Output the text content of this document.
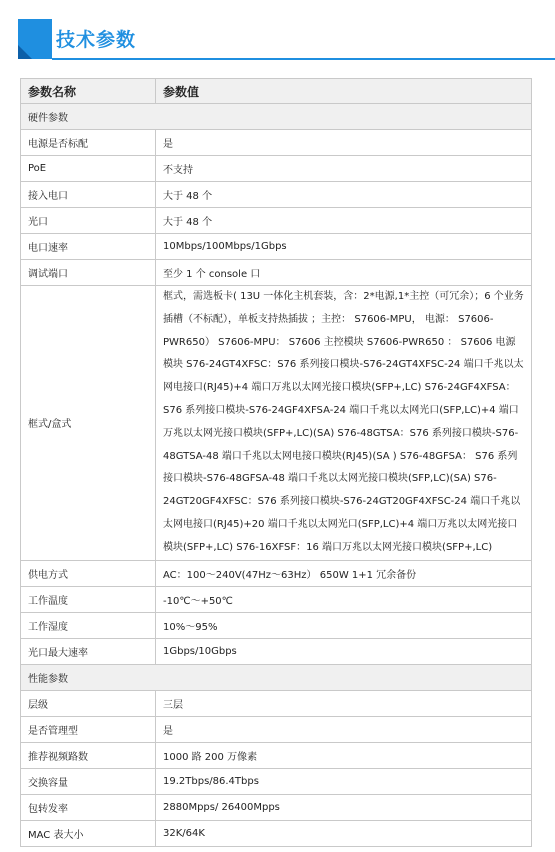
技术参数
参数名称	参数值
硬件参数	
电源是否标配	是
PoE	不支持
接入电口	大于 48 个
光口	大于 48 个
电口速率	10Mbps/100Mbps/1Gbps
调试端口	至少 1 个 console 口
框式/盒式	框式，需选板卡( 13U 一体化主机套装，含：2*电源,1*主控（可冗余）；6 个业务插槽（不标配），单板支持热插拔 ；主控： S7606-MPU， 电源： S7606-PWR650） S7606-MPU： S7606 主控模块 S7606-PWR650 ： S7606 电源模块 S76-24GT4XFSC：S76 系列接口模块-S76-24GT4XFSC-24 端口千兆以太网电接口(RJ45)+4 端口万兆以太网光接口模块(SFP+,LC) S76-24GF4XFSA：S76 系列接口模块-S76-24GF4XFSA-24 端口千兆以太网光口(SFP,LC)+4 端口万兆以太网光接口模块(SFP+,LC)(SA) S76-48GTSA：S76 系列接口模块-S76-48GTSA-48 端口千兆以太网电接口模块(RJ45)(SA ) S76-48GFSA： S76 系列接口模块-S76-48GFSA-48 端口千兆以太网光接口模块(SFP,LC)(SA) S76-24GT20GF4XFSC：S76 系列接口模块-S76-24GT20GF4XFSC-24 端口千兆以太网电接口(RJ45)+20 端口千兆以太网光口(SFP,LC)+4 端口万兆以太网光接口模块(SFP+,LC) S76-16XFSF：16 端口万兆以太网光接口模块(SFP+,LC)
供电方式	AC：100～240V(47Hz～63Hz） 650W 1+1 冗余备份
工作温度	-10℃～+50℃
工作湿度	10%～95%
光口最大速率	1Gbps/10Gbps
性能参数	
层级	三层
是否管理型	是
推荐视频路数	1000 路 200 万像素
交换容量	19.2Tbps/86.4Tbps
包转发率	2880Mpps/ 26400Mpps
MAC 表大小	32K/64K
